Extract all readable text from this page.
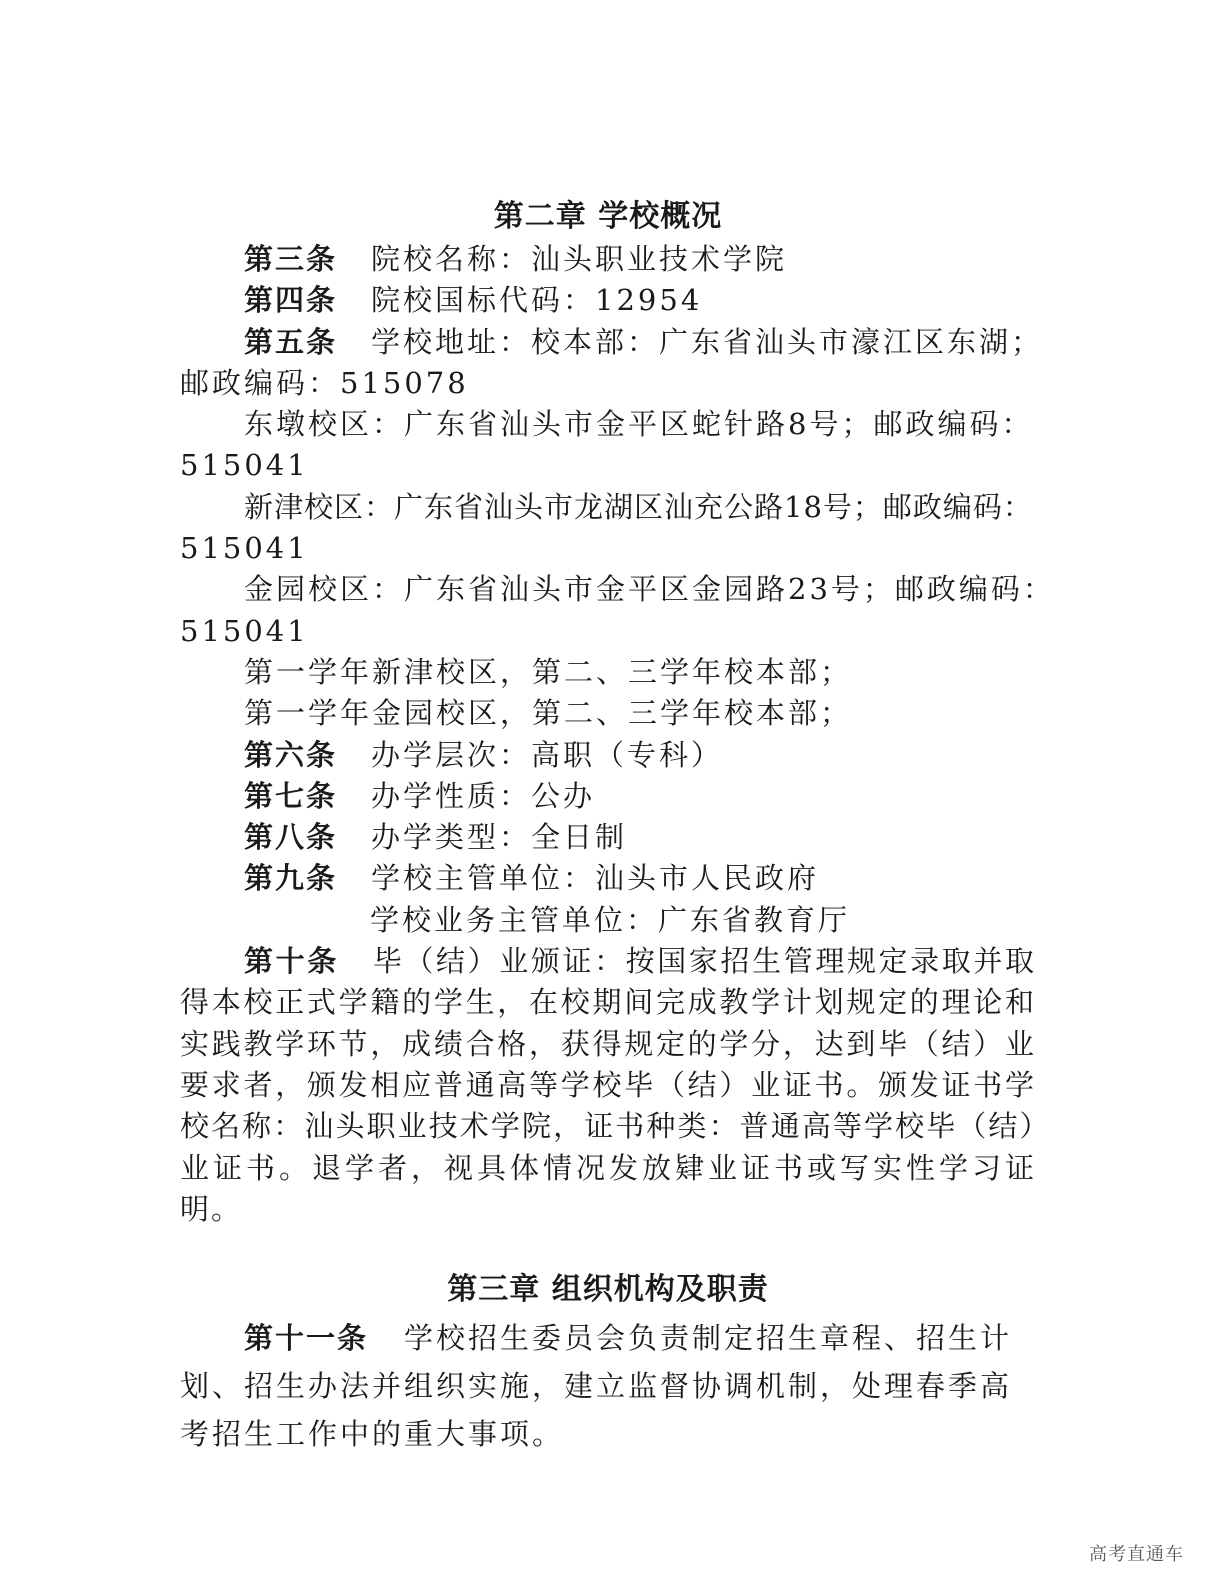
第二章 学校概况

第三条 院校名称：汕头职业技术学院

第四条 院校国标代码：12954

第五条 学校地址：校本部：广东省汕头市濠江区东湖；

邮政编码：515078

东墩校区：广东省汕头市金平区蛇针路8号；邮政编码：

515041

新津校区：广东省汕头市龙湖区汕充公路18号；邮政编码：

515041

金园校区：广东省汕头市金平区金园路23号；邮政编码：

515041

第一学年新津校区，第二、三学年校本部；

第一学年金园校区，第二、三学年校本部；

第六条 办学层次：高职（专科）

第七条 办学性质：公办

第八条 办学类型：全日制

第九条 学校主管单位：汕头市人民政府

学校业务主管单位：广东省教育厅

第十条 毕（结）业颁证：按国家招生管理规定录取并取得本校正式学籍的学生，在校期间完成教学计划规定的理论和实践教学环节，成绩合格，获得规定的学分，达到毕（结）业要求者，颁发相应普通高等学校毕（结）业证书。颁发证书学校名称：汕头职业技术学院，证书种类：普通高等学校毕（结）业证书。退学者，视具体情况发放肄业证书或写实性学习证明。

第三章 组织机构及职责

第十一条 学校招生委员会负责制定招生章程、招生计划、招生办法并组织实施，建立监督协调机制，处理春季高考招生工作中的重大事项。

高考直通车
